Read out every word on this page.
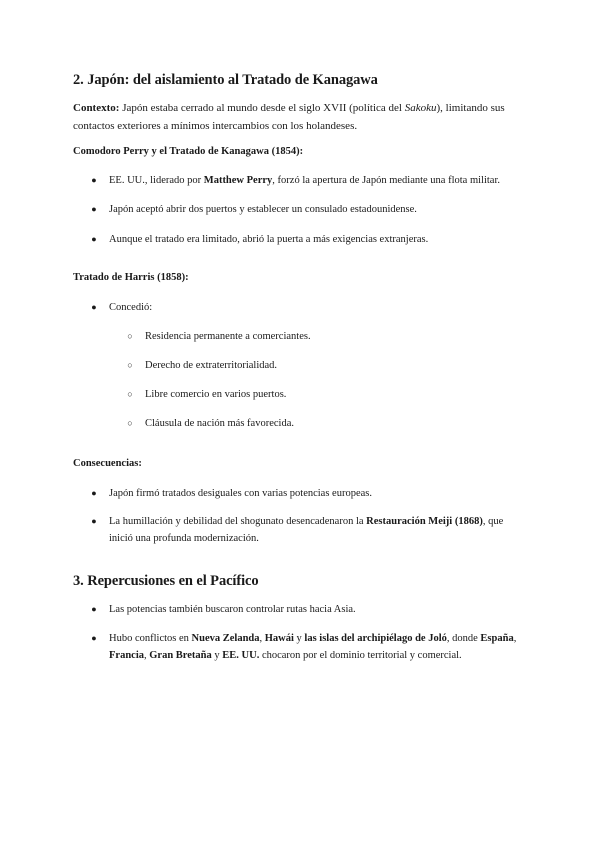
2. Japón: del aislamiento al Tratado de Kanagawa

Contexto: Japón estaba cerrado al mundo desde el siglo XVII (política del Sakoku), limitando sus contactos exteriores a mínimos intercambios con los holandeses.

Comodoro Perry y el Tratado de Kanagawa (1854):

● EE. UU., liderado por Matthew Perry, forzó la apertura de Japón mediante una flota militar.
● Japón aceptó abrir dos puertos y establecer un consulado estadounidense.
● Aunque el tratado era limitado, abrió la puerta a más exigencias extranjeras.

Tratado de Harris (1858):

● Concedió:
○ Residencia permanente a comerciantes.
○ Derecho de extraterritorialidad.
○ Libre comercio en varios puertos.
○ Cláusula de nación más favorecida.

Consecuencias:

● Japón firmó tratados desiguales con varias potencias europeas.
● La humillación y debilidad del shogunato desencadenaron la Restauración Meiji (1868), que inició una profunda modernización.
3. Repercusiones en el Pacífico
● Las potencias también buscaron controlar rutas hacia Asia.
● Hubo conflictos en Nueva Zelanda, Hawái y las islas del archipiélago de Joló, donde España, Francia, Gran Bretaña y EE. UU. chocaron por el dominio territorial y comercial.
